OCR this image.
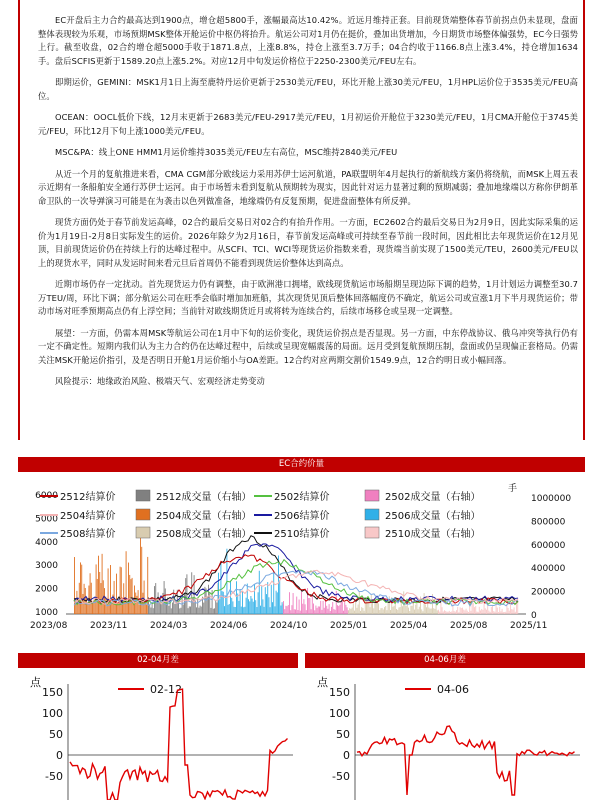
EC开盘后主力合约最高达到1900点，增仓超5800手，涨幅最高达10.42%。近远月维持正套。目前现货端整体春节前拐点仍未显现，盘面整体表现较为乐观，市场预期MSK整体开舱运价中枢仍将抬升。航运公司对1月仍在挺价，叠加出货增加，今日期货市场整体偏强势，EC今日强势上行。截至收盘，02合约增仓超5000手收于1871.8点，上涨8.8%，持仓上涨至3.7万手；04合约收于1166.8点上涨3.4%，持仓增加1634手。盘后SCFIS更新于1589.20点上涨5.2%。对应12月中旬发运价格位于2250-2300美元/FEU左右。

即期运价，GEMINI：MSK1月1日上海至鹿特丹运价更新于2530美元/FEU，环比开舱上涨30美元/FEU，1月HPL运价位于3535美元/FEU高位。

OCEAN：OOCL低价下线，12月末更新于2683美元/FEU-2917美元/FEU，1月初运价开舱位于3230美元/FEU，1月CMA开舱位于3745美元/FEU，环比12月下旬上涨1000美元/FEU。

MSC&PA：线上ONE HMM1月运价维持3035美元/FEU左右高位，MSC维持2840美元/FEU

从近一个月的复航推进来看，CMA CGM部分欧线运力采用苏伊士运河航道，PA联盟明年4月起执行的新航线方案仍将绕航，而MSK上周五表示近期有一条船舶安全通行苏伊士运河。由于市场暂未看到复航从预期转为现实，因此针对运力显著过剩的预期减弱；叠加地缘端以方称你伊朗革命卫队的一次导弹演习可能是在为袭击以色列做准备，地缘端仍有反复预期，促进盘面整体有所反弹。

现货方面仍处于春节前发运高峰，02合约最后交易日对02合约有抬升作用。一方面，EC2602合约最后交易日为2月9日，因此实际采集的运价为1月19日-2月8日实际发生的运价。2026年除夕为2月16日，春节前发运高峰或可持续至春节前一段时间，因此相比去年现货运价在12月见顶，目前现货运价仍在持续上行的达峰过程中。从SCFI、TCI、WCI等现货运价指数来看，现货端当前实现了1500美元/TEU，2600美元/FEU以上的现货水平，同时从发运时间来看元旦后首周仍不能看到现货运价整体达到高点。

近期市场仍存一定扰动。首先现货运力仍有调整，由于欧洲港口拥堵，欧线现货航运市场船期呈现边际下调的趋势，1月计划运力调整至30.7万TEU/周，环比下调；部分航运公司在旺季会临时增加加班船，其次现货见顶后整体回落幅度仍不确定，航运公司或宣涨1月下半月现货运价；带动市场对旺季预期高点仍有上浮空间；当前针对欧线期货近月或将转为连续合约，后续市场移仓或呈现一定调整。

展望：一方面，仍需本周MSK等航运公司在1月中下旬的运价变化，现货运价拐点是否显现。另一方面，中东停战协议、俄乌冲突等执行仍有一定不确定性。短期内我们认为主力合约仍在达峰过程中，后续或呈现宽幅震荡的局面。远月受到复航预期压制，盘面或仍呈现偏正套格局。仍需关注MSK开舱运价指引，及是否明日开舱1月运价缩小与OA差距。12合约对应两期交割价1549.9点，12合约明日或小幅回落。

风险提示：地缘政治风险、极端天气、宏观经济走势变动

EC合约价量
6000
5000
4000
3000
2000
1000
1000000
800000
600000
400000
200000
0
手
2023/08	2023/11	2024/03	2024/06	2024/10	2025/01	2025/04	2025/08	2025/11
2512结算价	2512成交量（右轴） 2502结算价	2502成交量（右轴）
2504结算价	2504成交量（右轴） 2506结算价	2506成交量（右轴）
2508结算价	2508成交量（右轴） 2510结算价	2510成交量（右轴）
02-04月差
点
150
100
50
0
-50
02-12
04-06月差
点
150
100
50
0
-50
04-06
